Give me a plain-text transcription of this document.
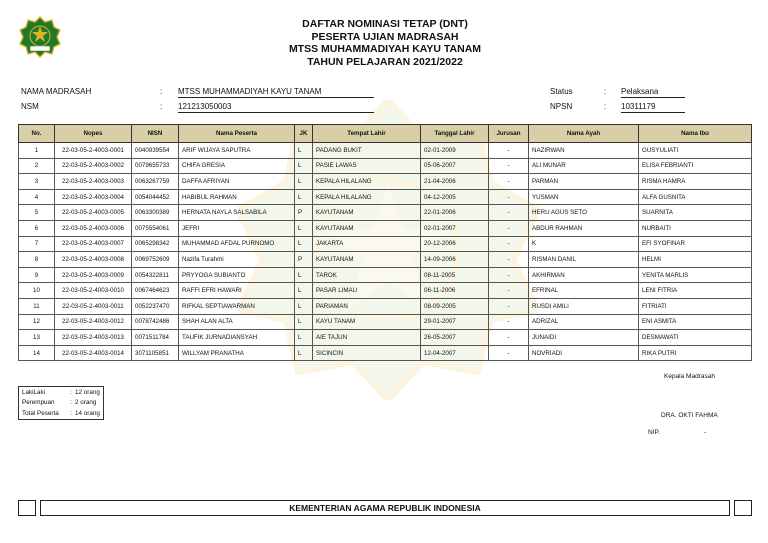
DAFTAR NOMINASI TETAP (DNT)
PESERTA UJIAN MADRASAH
MTSS MUHAMMADIYAH KAYU TANAM
TAHUN PELAJARAN 2021/2022
NAMA MADRASAH	: MTSS MUHAMMADIYAH KAYU TANAM
NSM	: 121213050003
Status	: Pelaksana
NPSN	: 10311179
No.	Nopes	NISN	Nama Peserta	JK	Tempat Lahir	Tanggal Lahir	Jurusan	Nama Ayah	Nama Ibu
1	22-03-05-2-4003-0001	0040939554	ARIF WIJAYA SAPUTRA	L	PADANG BUKIT	02-01-2009	-	NAZIRWAN	GUSYULIATI
2	22-03-05-2-4003-0002	0079655733	CHIFA GRESIA	L	PASIE LAWAS	05-06-2007	-	ALI MUNAR	ELISA FEBRIANTI
3	22-03-05-2-4003-0003	0063267759	DAFFA AFRIYAN	L	KEPALA HILALANG	21-04-2006	-	PARMAN	RISMA HAMRA
4	22-03-05-2-4003-0004	0054044452	HABIBUL RAHMAN	L	KEPALA HILALANG	04-12-2005	-	YUSMAN	ALFA GUSNITA
5	22-03-05-2-4003-0005	0063300389	HERNATA NAYLA SALSABILA	P	KAYUTANAM	22-01-2006	-	HERU AGUS SETO	SUARNITA
6	22-03-05-2-4003-0006	0075554061	JEFRI	L	KAYUTANAM	02-01-2007	-	ABDUR RAHMAN	NURBAITI
7	22-03-05-2-4003-0007	0065298342	MUHAMMAD AFDAL PURNOMO	L	JAKARTA	20-12-2006	-	K	EFI SYOFINAR
8	22-03-05-2-4003-0008	0069752609	Nazifa Turahmi	P	KAYUTANAM	14-09-2006	-	RISMAN DANIL	HELMI
9	22-03-05-2-4003-0009	0054322811	PRYYOGA SUBIANTO	L	TAROK	08-11-2005	-	AKHIRMAN	YENITA MARLIS
10	22-03-05-2-4003-0010	0067464623	RAFFI EFRI HAWARI	L	PASAR LIMAU	06-11-2006	-	EFRINAL	LENI FITRIA
11	22-03-05-2-4003-0011	0052237470	RIFKAL SEPTIAWARMAN	L	PARIAMAN	08-09-2005	-	RUSDI AMILI	FITRIATI
12	22-03-05-2-4003-0012	0078742486	SHAH ALAN ALTA	L	KAYU TANAM	29-01-2007	-	ADRIZAL	ENI ASMITA
13	22-03-05-2-4003-0013	0071511784	TAUFIK JURNADIANSYAH	L	AIE TAJUN	26-05-2007	-	JUNAIDI	DESMAWATI
14	22-03-05-2-4003-0014	3071105851	WILLYAM PRANATHA	L	SICINCIN	12-04-2007	-	NOVRIADI	RIKA PUTRI
LakiLaki	: 12 orang
Perempuan	: 2 orang
Total Peserta	: 14 orang
Kepala Madrasah
DRA. OKTI FAHMA
NIP.	-
KEMENTERIAN AGAMA REPUBLIK INDONESIA
